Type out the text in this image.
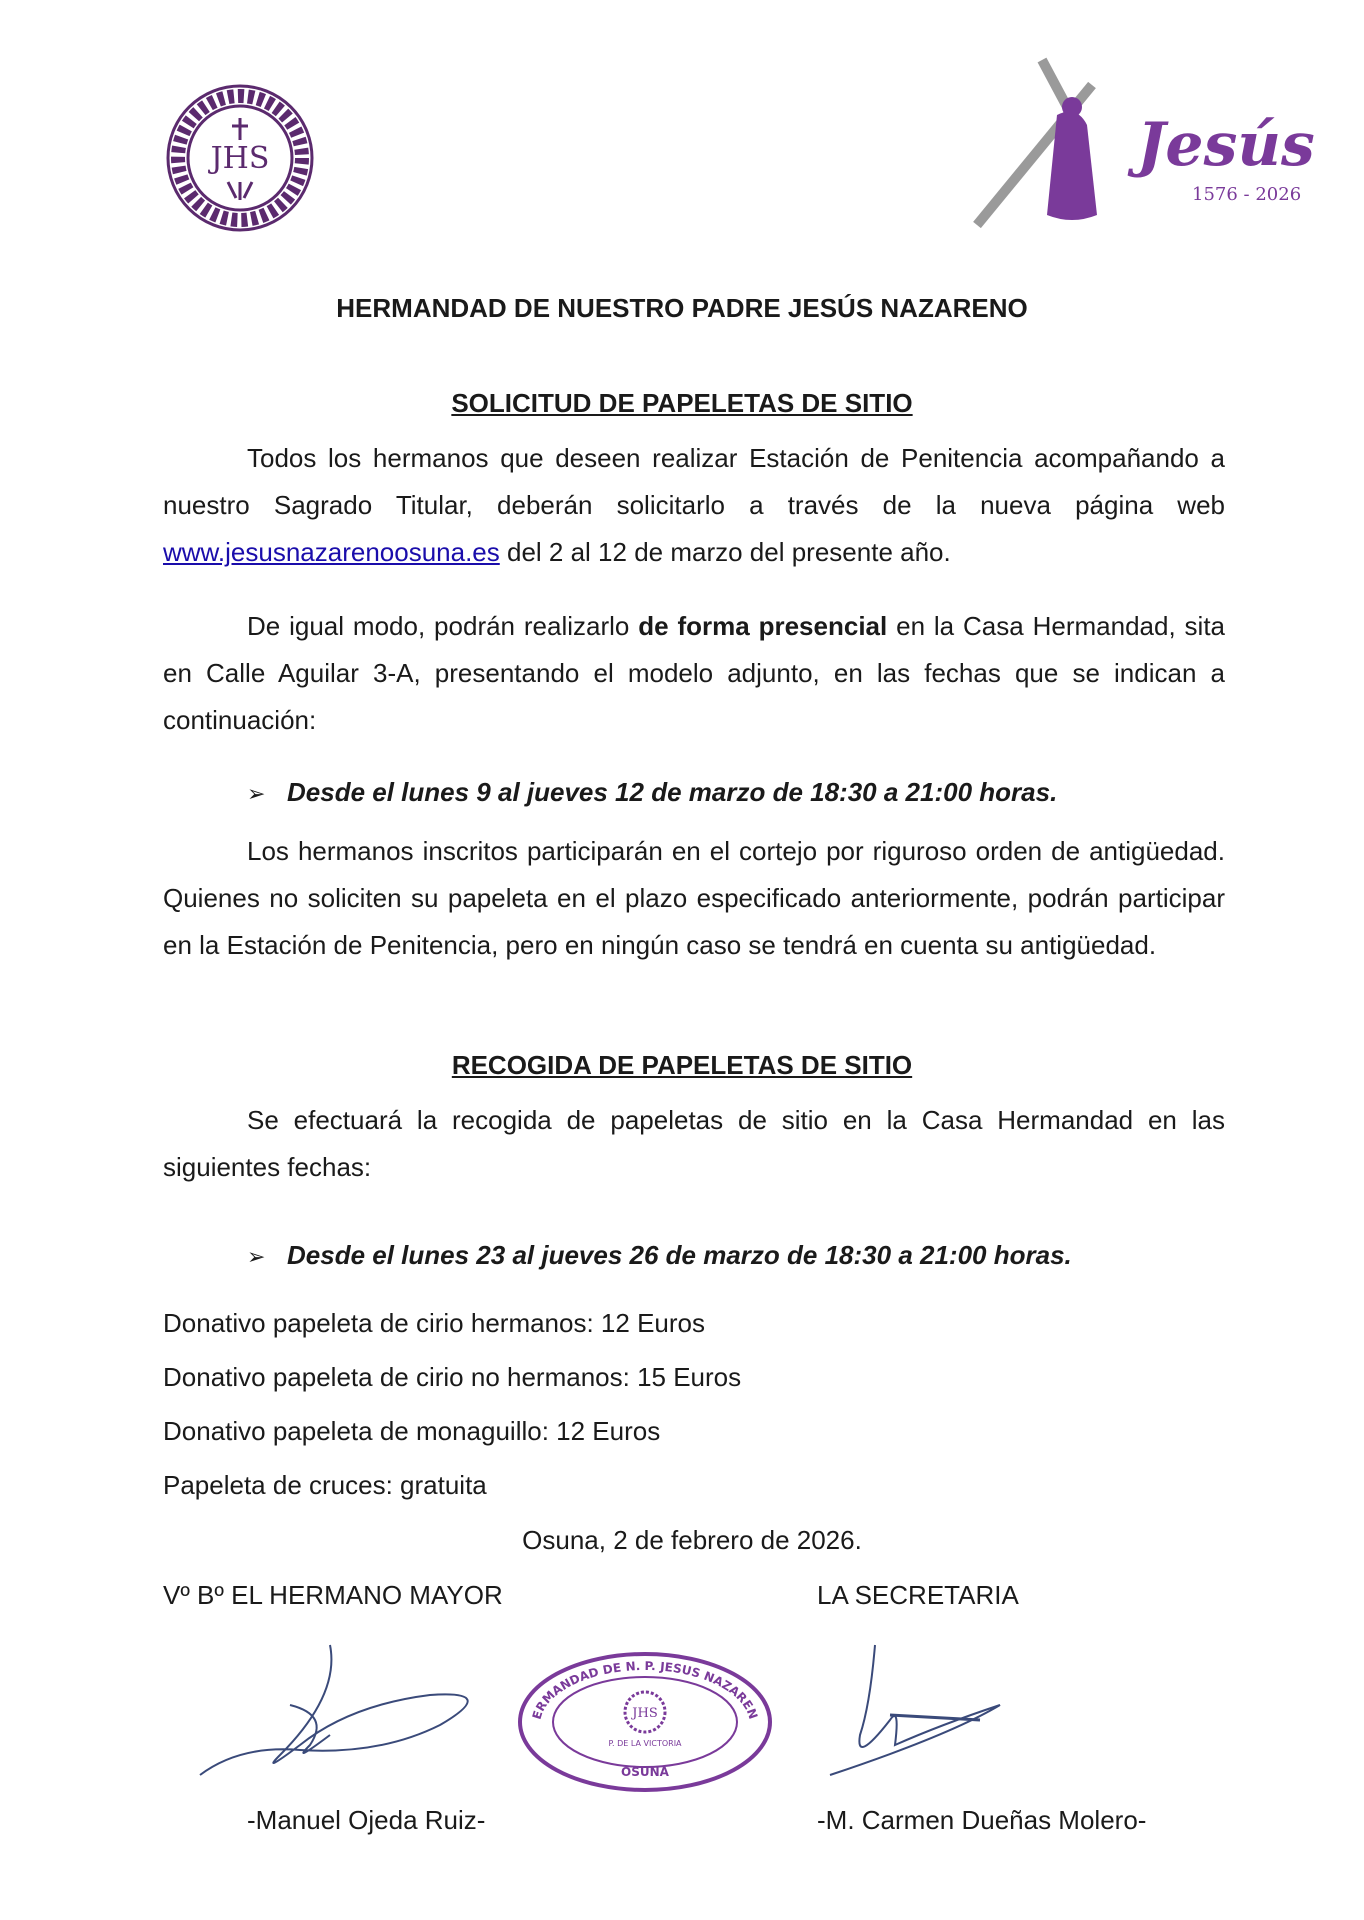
JHS	Jesús
1576 - 2026
HERMANDAD DE NUESTRO PADRE JESÚS NAZARENO
SOLICITUD DE PAPELETAS DE SITIO
Todos los hermanos que deseen realizar Estación de Penitencia acompañando a nuestro Sagrado Titular, deberán solicitarlo a través de la nueva página web www.jesusnazarenoosuna.es del 2 al 12 de marzo del presente año.
De igual modo, podrán realizarlo de forma presencial en la Casa Hermandad, sita en Calle Aguilar 3-A, presentando el modelo adjunto, en las fechas que se indican a continuación:
➢ Desde el lunes 9 al jueves 12 de marzo de 18:30 a 21:00 horas.
Los hermanos inscritos participarán en el cortejo por riguroso orden de antigüedad. Quienes no soliciten su papeleta en el plazo especificado anteriormente, podrán participar en la Estación de Penitencia, pero en ningún caso se tendrá en cuenta su antigüedad.
RECOGIDA DE PAPELETAS DE SITIO
Se efectuará la recogida de papeletas de sitio en la Casa Hermandad en las siguientes fechas:
➢ Desde el lunes 23 al jueves 26 de marzo de 18:30 a 21:00 horas.
Donativo papeleta de cirio hermanos: 12 Euros
Donativo papeleta de cirio no hermanos: 15 Euros
Donativo papeleta de monaguillo: 12 Euros
Papeleta de cruces: gratuita
Osuna, 2 de febrero de 2026.
Vº Bº EL HERMANO MAYOR	LA SECRETARIA
ERMANDAD DE N. P. JESUS NAZAREN
JHS
P. DE LA VICTORIA
OSUNA
-Manuel Ojeda Ruiz-	-M. Carmen Dueñas Molero-
